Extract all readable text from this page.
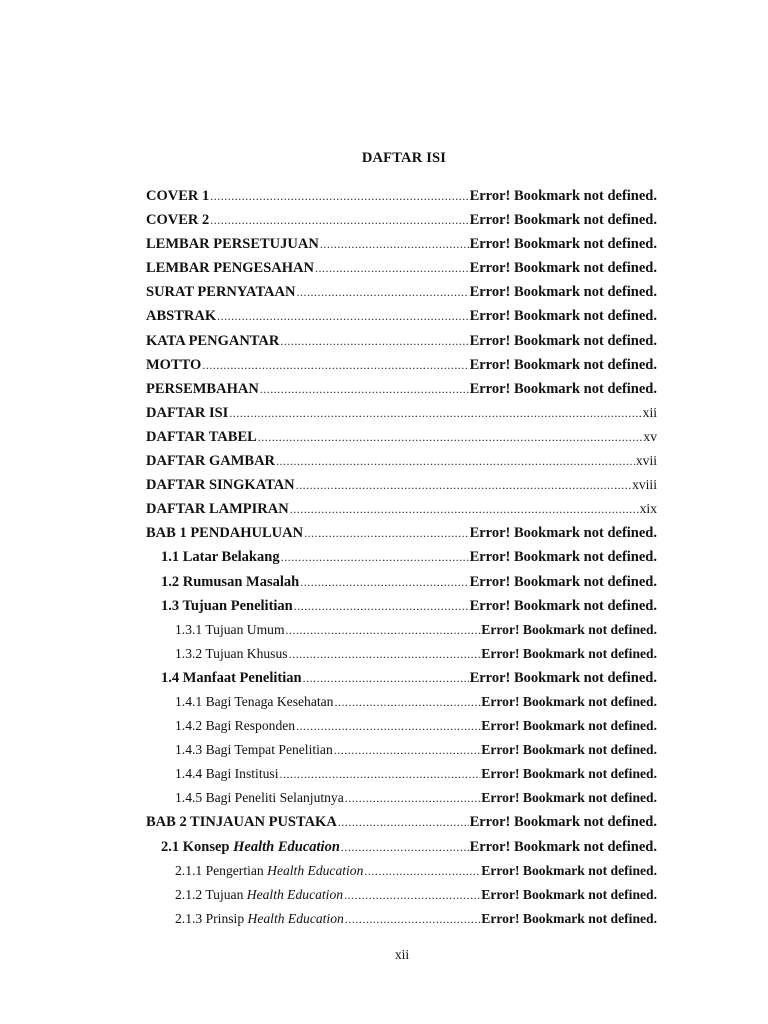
DAFTAR ISI
COVER 1 .....	Error! Bookmark not defined.
COVER 2 .....	Error! Bookmark not defined.
LEMBAR PERSETUJUAN .....	Error! Bookmark not defined.
LEMBAR PENGESAHAN .....	Error! Bookmark not defined.
SURAT PERNYATAAN .....	Error! Bookmark not defined.
ABSTRAK .....	Error! Bookmark not defined.
KATA PENGANTAR .....	Error! Bookmark not defined.
MOTTO .....	Error! Bookmark not defined.
PERSEMBAHAN .....	Error! Bookmark not defined.
DAFTAR ISI .....	xii
DAFTAR TABEL .....	xv
DAFTAR GAMBAR .....	xvii
DAFTAR SINGKATAN .....	xviii
DAFTAR LAMPIRAN .....	xix
BAB 1 PENDAHULUAN .....	Error! Bookmark not defined.
1.1 Latar Belakang .....	Error! Bookmark not defined.
1.2 Rumusan Masalah .....	Error! Bookmark not defined.
1.3 Tujuan Penelitian .....	Error! Bookmark not defined.
1.3.1 Tujuan Umum .....	Error! Bookmark not defined.
1.3.2 Tujuan Khusus .....	Error! Bookmark not defined.
1.4 Manfaat Penelitian .....	Error! Bookmark not defined.
1.4.1 Bagi Tenaga Kesehatan .....	Error! Bookmark not defined.
1.4.2 Bagi Responden .....	Error! Bookmark not defined.
1.4.3 Bagi Tempat Penelitian .....	Error! Bookmark not defined.
1.4.4 Bagi Institusi .....	Error! Bookmark not defined.
1.4.5 Bagi Peneliti Selanjutnya .....	Error! Bookmark not defined.
BAB 2 TINJAUAN PUSTAKA .....	Error! Bookmark not defined.
2.1 Konsep Health Education .....	Error! Bookmark not defined.
2.1.1 Pengertian Health Education .....	Error! Bookmark not defined.
2.1.2 Tujuan Health Education .....	Error! Bookmark not defined.
2.1.3 Prinsip Health Education .....	Error! Bookmark not defined.
xii
